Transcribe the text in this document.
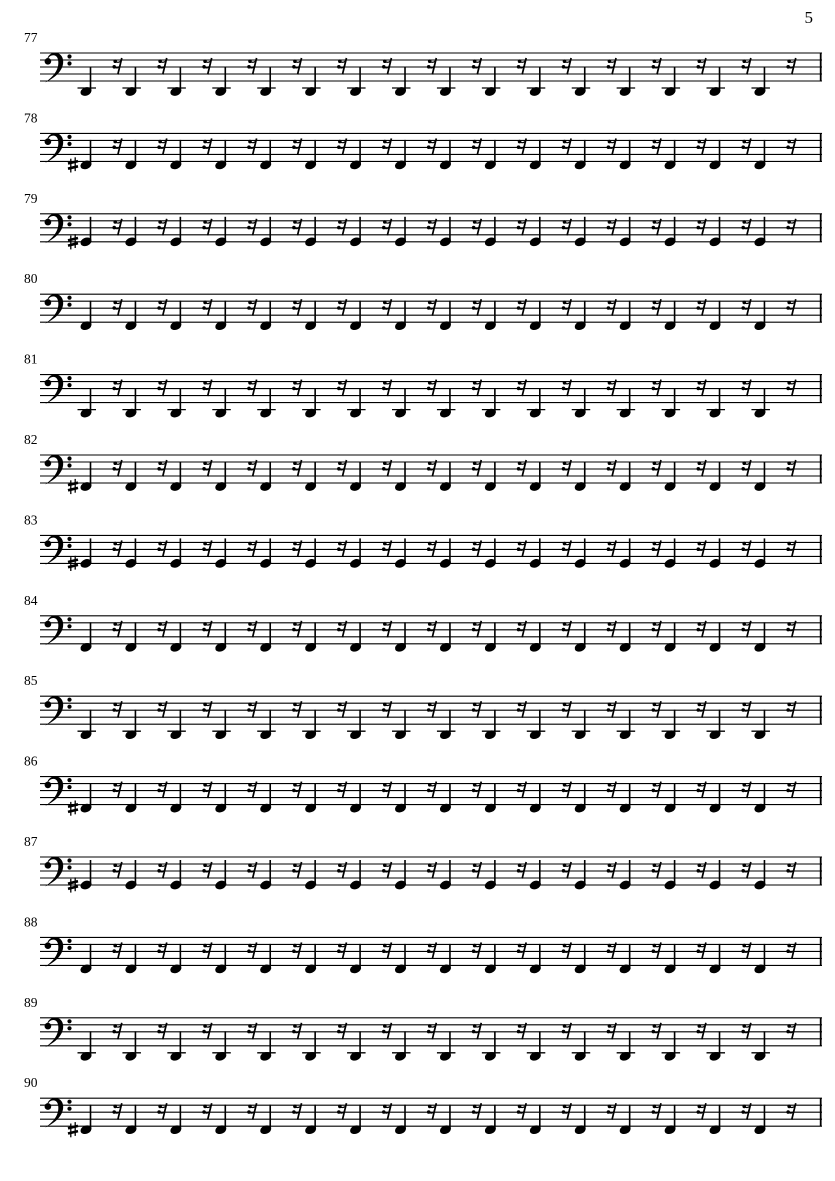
5
77
78
79
80
81
82
83
84
85
86
87
88
89
90
